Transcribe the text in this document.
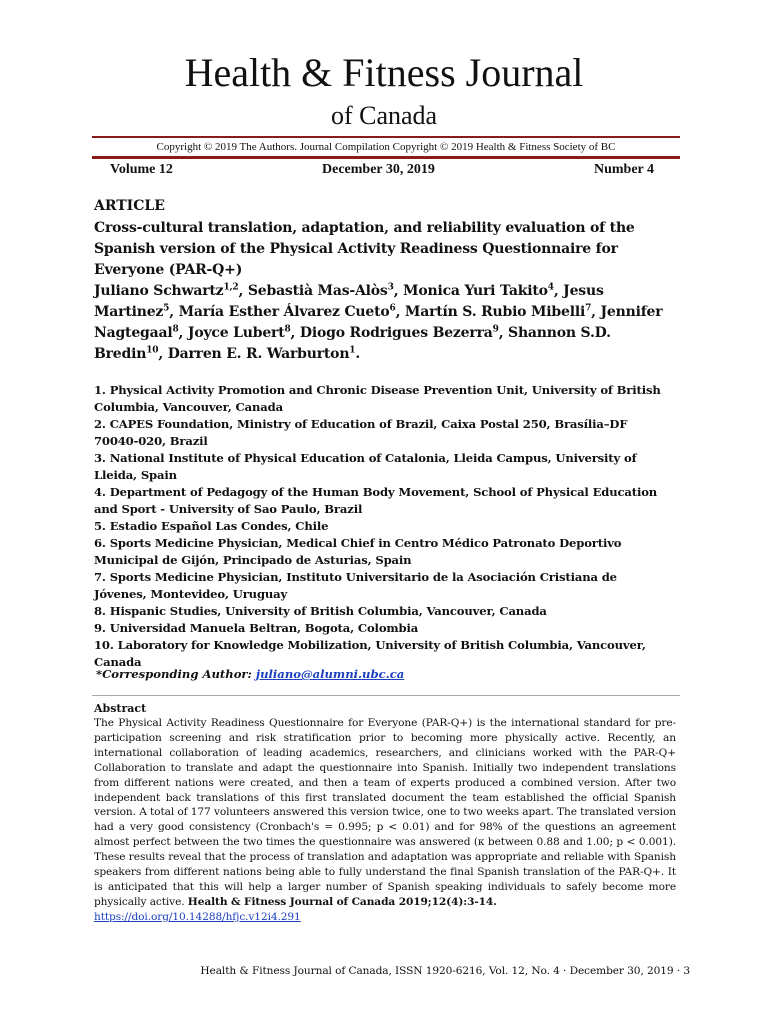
Health & Fitness Journal
of Canada
Copyright © 2019 The Authors. Journal Compilation Copyright © 2019 Health & Fitness Society of BC
Volume 12	December 30, 2019	Number 4
ARTICLE
Cross-cultural translation, adaptation, and reliability evaluation of the Spanish version of the Physical Activity Readiness Questionnaire for Everyone (PAR-Q+)
Juliano Schwartz$^{1,2}$, Sebastià Mas-Alòs$^3$, Monica Yuri Takito$^4$, Jesus Martinez$^5$, María Esther Álvarez Cueto$^6$, Martín S. Rubio Mibelli$^7$, Jennifer Nagtegaal$^8$, Joyce Lubert$^8$, Diogo Rodrigues Bezerra$^9$, Shannon S.D. Bredin$^{10}$, Darren E. R. Warburton$^1$.
1. Physical Activity Promotion and Chronic Disease Prevention Unit, University of British Columbia, Vancouver, Canada
2. CAPES Foundation, Ministry of Education of Brazil, Caixa Postal 250, Brasília–DF 70040-020, Brazil
3. National Institute of Physical Education of Catalonia, Lleida Campus, University of Lleida, Spain
4. Department of Pedagogy of the Human Body Movement, School of Physical Education and Sport - University of Sao Paulo, Brazil
5. Estadio Español Las Condes, Chile
6. Sports Medicine Physician, Medical Chief in Centro Médico Patronato Deportivo Municipal de Gijón, Principado de Asturias, Spain
7. Sports Medicine Physician, Instituto Universitario de la Asociación Cristiana de Jóvenes, Montevideo, Uruguay
8. Hispanic Studies, University of British Columbia, Vancouver, Canada
9. Universidad Manuela Beltran, Bogota, Colombia
10. Laboratory for Knowledge Mobilization, University of British Columbia, Vancouver, Canada
*Corresponding Author: juliano@alumni.ubc.ca
Abstract
The Physical Activity Readiness Questionnaire for Everyone (PAR-Q+) is the international standard for pre-participation screening and risk stratification prior to becoming more physically active. Recently, an international collaboration of leading academics, researchers, and clinicians worked with the PAR-Q+ Collaboration to translate and adapt the questionnaire into Spanish. Initially two independent translations from different nations were created, and then a team of experts produced a combined version. After two independent back translations of this first translated document the team established the official Spanish version. A total of 177 volunteers answered this version twice, one to two weeks apart. The translated version had a very good consistency (Cronbach's = 0.995; p < 0.01) and for 98% of the questions an agreement almost perfect between the two times the questionnaire was answered (κ between 0.88 and 1.00; p < 0.001). These results reveal that the process of translation and adaptation was appropriate and reliable with Spanish speakers from different nations being able to fully understand the final Spanish translation of the PAR-Q+. It is anticipated that this will help a larger number of Spanish speaking individuals to safely become more physically active. Health & Fitness Journal of Canada 2019;12(4):3-14.
https://doi.org/10.14288/hfjc.v12i4.291
Health & Fitness Journal of Canada, ISSN 1920-6216, Vol. 12, No. 4 · December 30, 2019 · 3
